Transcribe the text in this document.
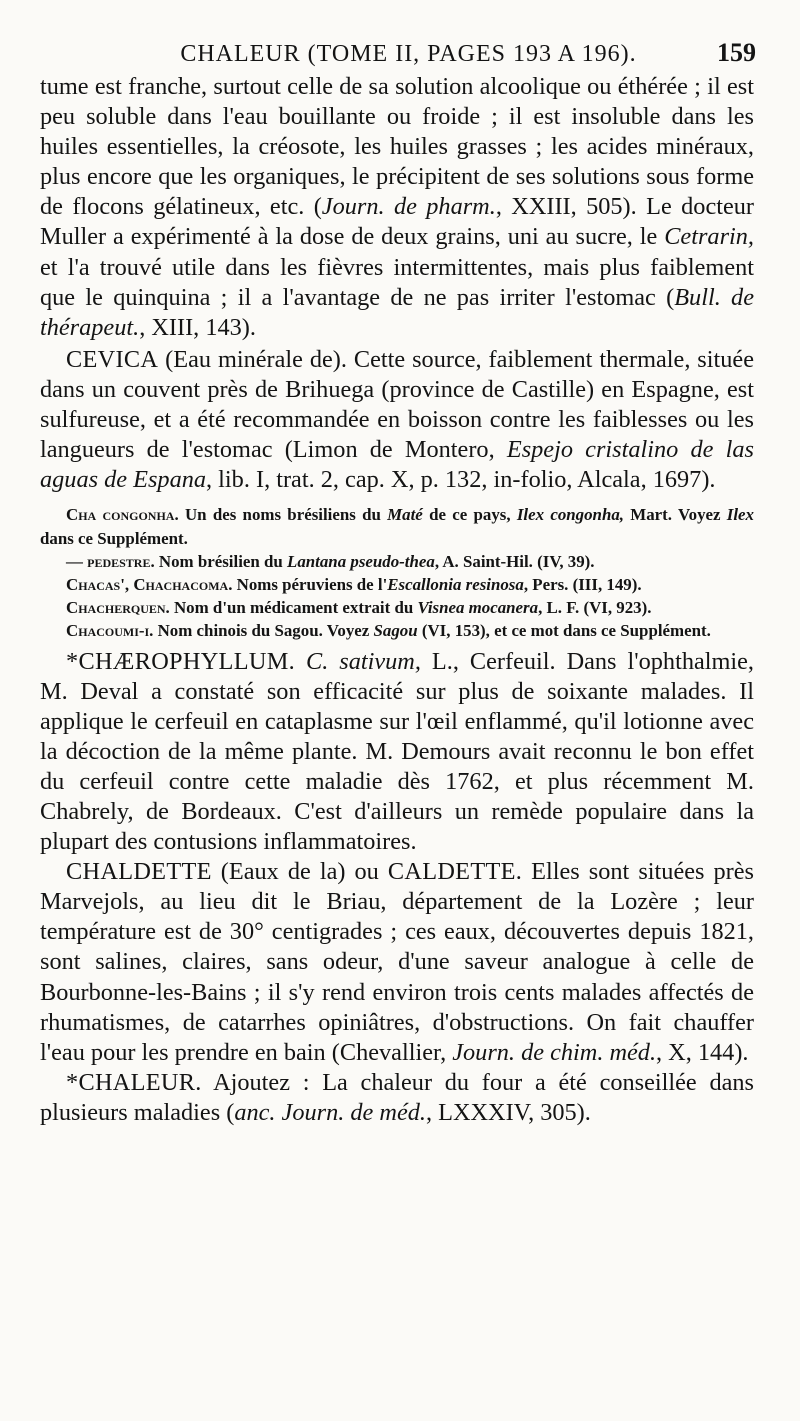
CHALEUR (TOME II, PAGES 193 A 196).	159

tume est franche, surtout celle de sa solution alcoolique ou éthérée ; il est peu soluble dans l'eau bouillante ou froide ; il est insoluble dans les huiles essentielles, la créosote, les huiles grasses ; les acides minéraux, plus encore que les organiques, le précipitent de ses solutions sous forme de flocons gélatineux, etc. (Journ. de pharm., XXIII, 505). Le docteur Muller a expérimenté à la dose de deux grains, uni au sucre, le Cetrarin, et l'a trouvé utile dans les fièvres intermittentes, mais plus faiblement que le quinquina ; il a l'avantage de ne pas irriter l'estomac (Bull. de thérapeut., XIII, 143).

CEVICA (Eau minérale de). Cette source, faiblement thermale, située dans un couvent près de Brihuega (province de Castille) en Espagne, est sulfureuse, et a été recommandée en boisson contre les faiblesses ou les langueurs de l'estomac (Limon de Montero, Espejo cristalino de las aguas de Espana, lib. I, trat. 2, cap. X, p. 132, in-folio, Alcala, 1697).

Cha congonha. Un des noms brésiliens du Maté de ce pays, Ilex congonha, Mart. Voyez Ilex dans ce Supplément.

— pedestre. Nom brésilien du Lantana pseudo-thea, A. Saint-Hil. (IV, 39).

Chacas', Chachacoma. Noms péruviens de l'Escallonia resinosa, Pers. (III, 149).

Chacherquen. Nom d'un médicament extrait du Visnea mocanera, L. F. (VI, 923).

Chacoumi-i. Nom chinois du Sagou. Voyez Sagou (VI, 153), et ce mot dans ce Supplément.

*CHÆROPHYLLUM. C. sativum, L., Cerfeuil. Dans l'ophthalmie, M. Deval a constaté son efficacité sur plus de soixante malades. Il applique le cerfeuil en cataplasme sur l'œil enflammé, qu'il lotionne avec la décoction de la même plante. M. Demours avait reconnu le bon effet du cerfeuil contre cette maladie dès 1762, et plus récemment M. Chabrely, de Bordeaux. C'est d'ailleurs un remède populaire dans la plupart des contusions inflammatoires.

CHALDETTE (Eaux de la) ou CALDETTE. Elles sont situées près Marvejols, au lieu dit le Briau, département de la Lozère ; leur température est de 30° centigrades ; ces eaux, découvertes depuis 1821, sont salines, claires, sans odeur, d'une saveur analogue à celle de Bourbonne-les-Bains ; il s'y rend environ trois cents malades affectés de rhumatismes, de catarrhes opiniâtres, d'obstructions. On fait chauffer l'eau pour les prendre en bain (Chevallier, Journ. de chim. méd., X, 144).

*CHALEUR. Ajoutez : La chaleur du four a été conseillée dans plusieurs maladies (anc. Journ. de méd., LXXXIV, 305).
